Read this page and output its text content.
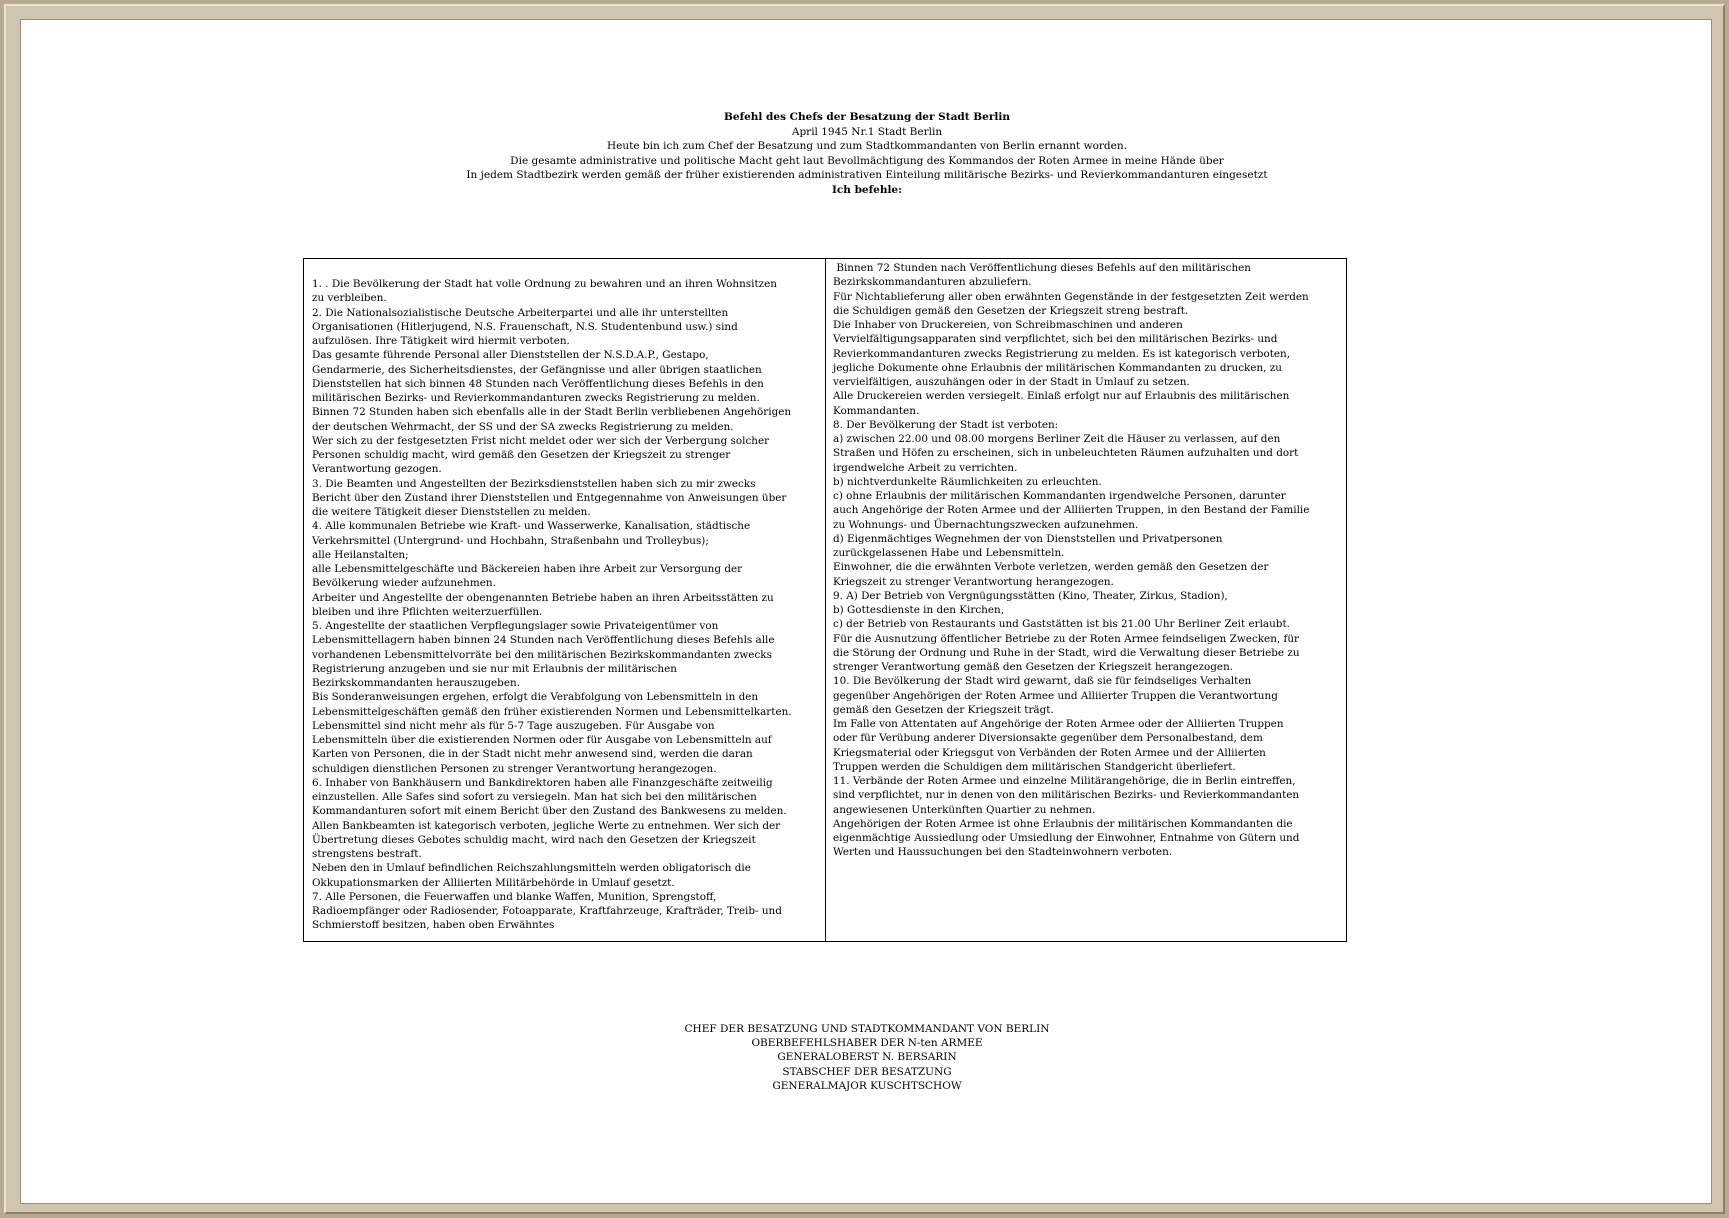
Befehl des Chefs der Besatzung der Stadt Berlin
April 1945 Nr.1 Stadt Berlin
Heute bin ich zum Chef der Besatzung und zum Stadtkommandanten von Berlin ernannt worden.
Die gesamte administrative und politische Macht geht laut Bevollmächtigung des Kommandos der Roten Armee in meine Hände über
In jedem Stadtbezirk werden gemäß der früher existierenden administrativen Einteilung militärische Bezirks- und Revierkommandanturen eingesetzt
Ich befehle:

1. . Die Bevölkerung der Stadt hat volle Ordnung zu bewahren und an ihren Wohnsitzen

zu verbleiben.

2. Die Nationalsozialistische Deutsche Arbeiterpartei und alle ihr unterstellten

Organisationen (Hitlerjugend, N.S. Frauenschaft, N.S. Studentenbund usw.) sind

aufzulösen. Ihre Tätigkeit wird hiermit verboten.

Das gesamte führende Personal aller Dienststellen der N.S.D.A.P., Gestapo,

Gendarmerie, des Sicherheitsdienstes, der Gefängnisse und aller übrigen staatlichen

Dienststellen hat sich binnen 48 Stunden nach Veröffentlichung dieses Befehls in den

militärischen Bezirks- und Revierkommandanturen zwecks Registrierung zu melden.

Binnen 72 Stunden haben sich ebenfalls alle in der Stadt Berlin verbliebenen Angehörigen

der deutschen Wehrmacht, der SS und der SA zwecks Registrierung zu melden.

Wer sich zu der festgesetzten Frist nicht meldet oder wer sich der Verbergung solcher

Personen schuldig macht, wird gemäß den Gesetzen der Kriegszeit zu strenger

Verantwortung gezogen.

3. Die Beamten und Angestellten der Bezirksdienststellen haben sich zu mir zwecks

Bericht über den Zustand ihrer Dienststellen und Entgegennahme von Anweisungen über

die weitere Tätigkeit dieser Dienststellen zu melden.

4. Alle kommunalen Betriebe wie Kraft- und Wasserwerke, Kanalisation, städtische

Verkehrsmittel (Untergrund- und Hochbahn, Straßenbahn und Trolleybus);

alle Heilanstalten;

alle Lebensmittelgeschäfte und Bäckereien haben ihre Arbeit zur Versorgung der

Bevölkerung wieder aufzunehmen.

Arbeiter und Angestellte der obengenannten Betriebe haben an ihren Arbeitsstätten zu

bleiben und ihre Pflichten weiterzuerfüllen.

5. Angestellte der staatlichen Verpflegungslager sowie Privateigentümer von

Lebensmittellagern haben binnen 24 Stunden nach Veröffentlichung dieses Befehls alle

vorhandenen Lebensmittelvorräte bei den militärischen Bezirkskommandanten zwecks

Registrierung anzugeben und sie nur mit Erlaubnis der militärischen

Bezirkskommandanten herauszugeben.

Bis Sonderanweisungen ergehen, erfolgt die Verabfolgung von Lebensmitteln in den

Lebensmittelgeschäften gemäß den früher existierenden Normen und Lebensmittelkarten.

Lebensmittel sind nicht mehr als für 5-7 Tage auszugeben. Für Ausgabe von

Lebensmitteln über die existierenden Normen oder für Ausgabe von Lebensmitteln auf

Karten von Personen, die in der Stadt nicht mehr anwesend sind, werden die daran

schuldigen dienstlichen Personen zu strenger Verantwortung herangezogen.

6. Inhaber von Bankhäusern und Bankdirektoren haben alle Finanzgeschäfte zeitweilig

einzustellen. Alle Safes sind sofort zu versiegeln. Man hat sich bei den militärischen

Kommandanturen sofort mit einem Bericht über den Zustand des Bankwesens zu melden.

Allen Bankbeamten ist kategorisch verboten, jegliche Werte zu entnehmen. Wer sich der

Übertretung dieses Gebotes schuldig macht, wird nach den Gesetzen der Kriegszeit

strengstens bestraft.

Neben den in Umlauf befindlichen Reichszahlungsmitteln werden obligatorisch die

Okkupationsmarken der Alliierten Militärbehörde in Umlauf gesetzt.

7. Alle Personen, die Feuerwaffen und blanke Waffen, Munition, Sprengstoff,

Radioempfänger oder Radiosender, Fotoapparate, Kraftfahrzeuge, Krafträder, Treib- und

Schmierstoff besitzen, haben oben Erwähntes

Binnen 72 Stunden nach Veröffentlichung dieses Befehls auf den militärischen

Bezirkskommandanturen abzuliefern.

Für Nichtablieferung aller oben erwähnten Gegenstände in der festgesetzten Zeit werden

die Schuldigen gemäß den Gesetzen der Kriegszeit streng bestraft.

Die Inhaber von Druckereien, von Schreibmaschinen und anderen

Vervielfältigungsapparaten sind verpflichtet, sich bei den militärischen Bezirks- und

Revierkommandanturen zwecks Registrierung zu melden. Es ist kategorisch verboten,

jegliche Dokumente ohne Erlaubnis der militärischen Kommandanten zu drucken, zu

vervielfältigen, auszuhängen oder in der Stadt in Umlauf zu setzen.

Alle Druckereien werden versiegelt. Einlaß erfolgt nur auf Erlaubnis des militärischen

Kommandanten.

8. Der Bevölkerung der Stadt ist verboten:

a) zwischen 22.00 und 08.00 morgens Berliner Zeit die Häuser zu verlassen, auf den

Straßen und Höfen zu erscheinen, sich in unbeleuchteten Räumen aufzuhalten und dort

irgendwelche Arbeit zu verrichten.

b) nichtverdunkelte Räumlichkeiten zu erleuchten.

c) ohne Erlaubnis der militärischen Kommandanten irgendwelche Personen, darunter

auch Angehörige der Roten Armee und der Alliierten Truppen, in den Bestand der Familie

zu Wohnungs- und Übernachtungszwecken aufzunehmen.

d) Eigenmächtiges Wegnehmen der von Dienststellen und Privatpersonen

zurückgelassenen Habe und Lebensmitteln.

Einwohner, die die erwähnten Verbote verletzen, werden gemäß den Gesetzen der

Kriegszeit zu strenger Verantwortung herangezogen.

9. A) Der Betrieb von Vergnügungsstätten (Kino, Theater, Zirkus, Stadion),

b) Gottesdienste in den Kirchen,

c) der Betrieb von Restaurants und Gaststätten ist bis 21.00 Uhr Berliner Zeit erlaubt.

Für die Ausnutzung öffentlicher Betriebe zu der Roten Armee feindseligen Zwecken, für

die Störung der Ordnung und Ruhe in der Stadt, wird die Verwaltung dieser Betriebe zu

strenger Verantwortung gemäß den Gesetzen der Kriegszeit herangezogen.

10. Die Bevölkerung der Stadt wird gewarnt, daß sie für feindseliges Verhalten

gegenüber Angehörigen der Roten Armee und Alliierter Truppen die Verantwortung

gemäß den Gesetzen der Kriegszeit trägt.

Im Falle von Attentaten auf Angehörige der Roten Armee oder der Alliierten Truppen

oder für Verübung anderer Diversionsakte gegenüber dem Personalbestand, dem

Kriegsmaterial oder Kriegsgut von Verbänden der Roten Armee und der Alliierten

Truppen werden die Schuldigen dem militärischen Standgericht überliefert.

11. Verbände der Roten Armee und einzelne Militärangehörige, die in Berlin eintreffen,

sind verpflichtet, nur in denen von den militärischen Bezirks- und Revierkommandanten

angewiesenen Unterkünften Quartier zu nehmen.

Angehörigen der Roten Armee ist ohne Erlaubnis der militärischen Kommandanten die

eigenmächtige Aussiedlung oder Umsiedlung der Einwohner, Entnahme von Gütern und

Werten und Haussuchungen bei den Stadteinwohnern verboten.

CHEF DER BESATZUNG UND STADTKOMMANDANT VON BERLIN

OBERBEFEHLSHABER DER N-ten ARMEE

GENERALOBERST N. BERSARIN

STABSCHEF DER BESATZUNG

GENERALMAJOR KUSCHTSCHOW
